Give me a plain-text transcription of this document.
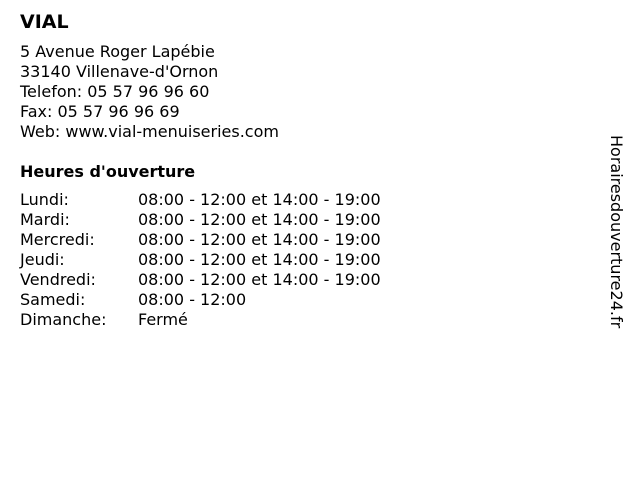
VIAL
5 Avenue Roger Lapébie
33140 Villenave-d'Ornon
Telefon: 05 57 96 96 60
Fax: 05 57 96 96 69
Web: www.vial-menuiseries.com
Heures d'ouverture
Lundi:	08:00 - 12:00 et 14:00 - 19:00
Mardi:	08:00 - 12:00 et 14:00 - 19:00
Mercredi:	08:00 - 12:00 et 14:00 - 19:00
Jeudi:	08:00 - 12:00 et 14:00 - 19:00
Vendredi:	08:00 - 12:00 et 14:00 - 19:00
Samedi:	08:00 - 12:00
Dimanche:	Fermé	Horairesdouverture24.fr
